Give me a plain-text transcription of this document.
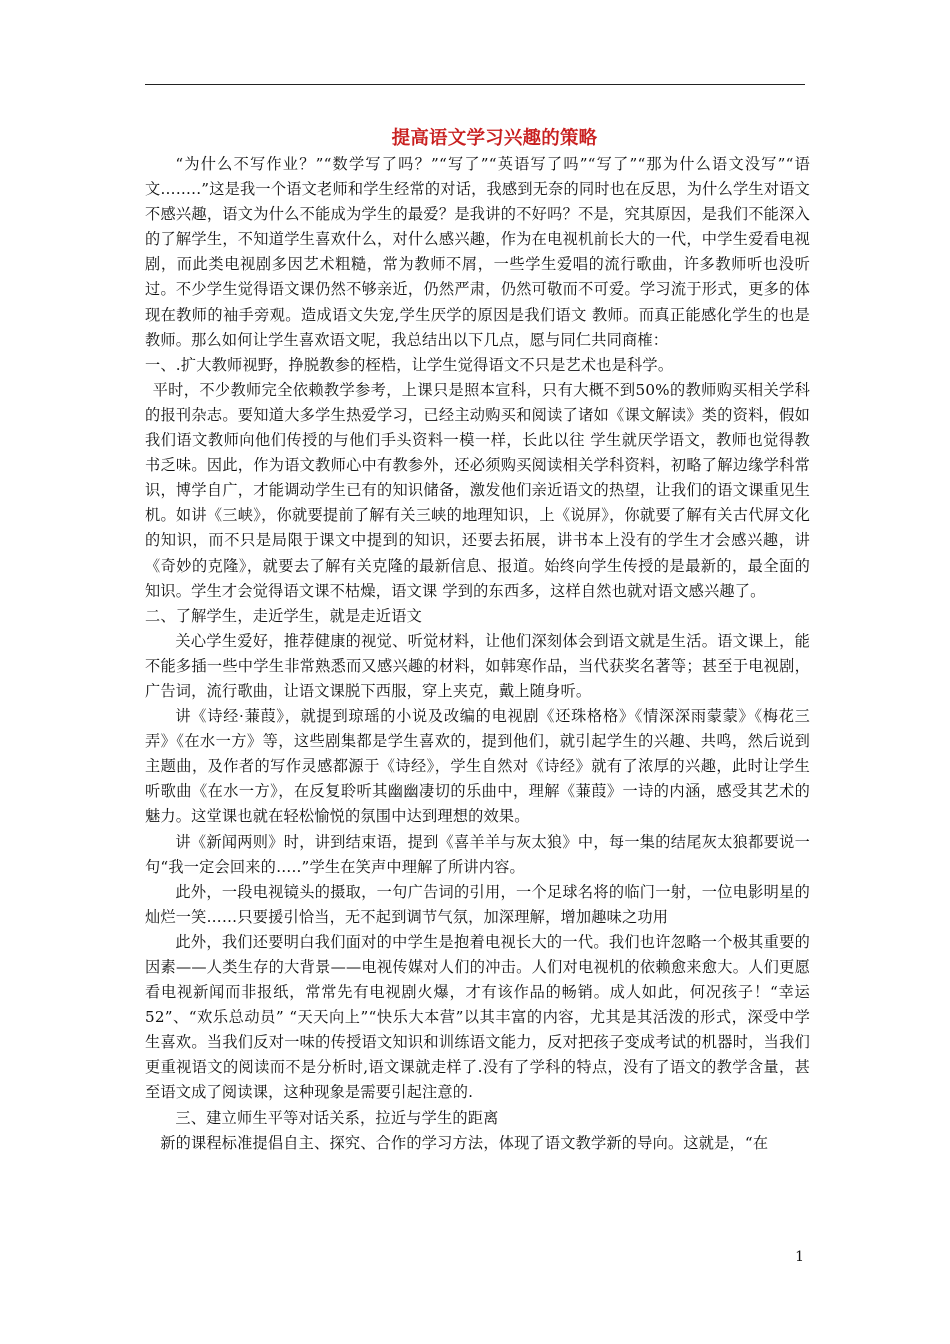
提高语文学习兴趣的策略

“为什么不写作业？”“数学写了吗？”“写了”“英语写了吗”“写了”“那为什么语文没写”“语文……..”这是我一个语文老师和学生经常的对话，我感到无奈的同时也在反思，为什么学生对语文不感兴趣，语文为什么不能成为学生的最爱？是我讲的不好吗？不是，究其原因，是我们不能深入的了解学生，不知道学生喜欢什么，对什么感兴趣，作为在电视机前长大的一代，中学生爱看电视剧，而此类电视剧多因艺术粗糙，常为教师不屑，一些学生爱唱的流行歌曲，许多教师听也没听过。不少学生觉得语文课仍然不够亲近，仍然严肃，仍然可敬而不可爱。学习流于形式，更多的体现在教师的袖手旁观。造成语文失宠,学生厌学的原因是我们语文 教师。而真正能感化学生的也是教师。那么如何让学生喜欢语文呢，我总结出以下几点，愿与同仁共同商榷：

一、.扩大教师视野，挣脱教参的桎梏，让学生觉得语文不只是艺术也是科学。

平时，不少教师完全依赖教学参考，上课只是照本宣科，只有大概不到50%的教师购买相关学科的报刊杂志。要知道大多学生热爱学习，已经主动购买和阅读了诸如《课文解读》类的资料，假如我们语文教师向他们传授的与他们手头资料一模一样，长此以往 学生就厌学语文，教师也觉得教书乏味。因此，作为语文教师心中有教参外，还必须购买阅读相关学科资料，初略了解边缘学科常识，博学自广，才能调动学生已有的知识储备，激发他们亲近语文的热望，让我们的语文课重见生机。如讲《三峡》，你就要提前了解有关三峡的地理知识，上《说屏》，你就要了解有关古代屏文化的知识，而不只是局限于课文中提到的知识，还要去拓展，讲书本上没有的学生才会感兴趣，讲《奇妙的克隆》，就要去了解有关克隆的最新信息、报道。始终向学生传授的是最新的，最全面的知识。学生才会觉得语文课不枯燥，语文课 学到的东西多，这样自然也就对语文感兴趣了。

二、了解学生，走近学生，就是走近语文

关心学生爱好，推荐健康的视觉、听觉材料，让他们深刻体会到语文就是生活。语文课上，能不能多插一些中学生非常熟悉而又感兴趣的材料，如韩寒作品，当代获奖名著等；甚至于电视剧，广告词，流行歌曲，让语文课脱下西服，穿上夹克，戴上随身听。

讲《诗经·蒹葭》，就提到琼瑶的小说及改编的电视剧《还珠格格》《情深深雨蒙蒙》《梅花三弄》《在水一方》等，这些剧集都是学生喜欢的，提到他们，就引起学生的兴趣、共鸣，然后说到主题曲，及作者的写作灵感都源于《诗经》，学生自然对《诗经》就有了浓厚的兴趣，此时让学生听歌曲《在水一方》，在反复聆听其幽幽凄切的乐曲中，理解《蒹葭》一诗的内涵，感受其艺术的魅力。这堂课也就在轻松愉悦的氛围中达到理想的效果。

讲《新闻两则》时，讲到结束语，提到《喜羊羊与灰太狼》中，每一集的结尾灰太狼都要说一句“我一定会回来的…..”学生在笑声中理解了所讲内容。

此外，一段电视镜头的摄取，一句广告词的引用，一个足球名将的临门一射，一位电影明星的灿烂一笑……只要援引恰当，无不起到调节气氛，加深理解，增加趣味之功用

此外，我们还要明白我们面对的中学生是抱着电视长大的一代。我们也许忽略一个极其重要的因素——人类生存的大背景——电视传媒对人们的冲击。人们对电视机的依赖愈来愈大。人们更愿看电视新闻而非报纸，常常先有电视剧火爆，才有该作品的畅销。成人如此，何况孩子！“幸运52”、“欢乐总动员” “天天向上”“快乐大本营”以其丰富的内容，尤其是其活泼的形式，深受中学生喜欢。当我们反对一味的传授语文知识和训练语文能力，反对把孩子变成考试的机器时，当我们更重视语文的阅读而不是分析时,语文课就走样了.没有了学科的特点，没有了语文的教学含量，甚至语文成了阅读课，这种现象是需要引起注意的.

三、建立师生平等对话关系，拉近与学生的距离

新的课程标准提倡自主、探究、合作的学习方法，体现了语文教学新的导向。这就是，“在

1
